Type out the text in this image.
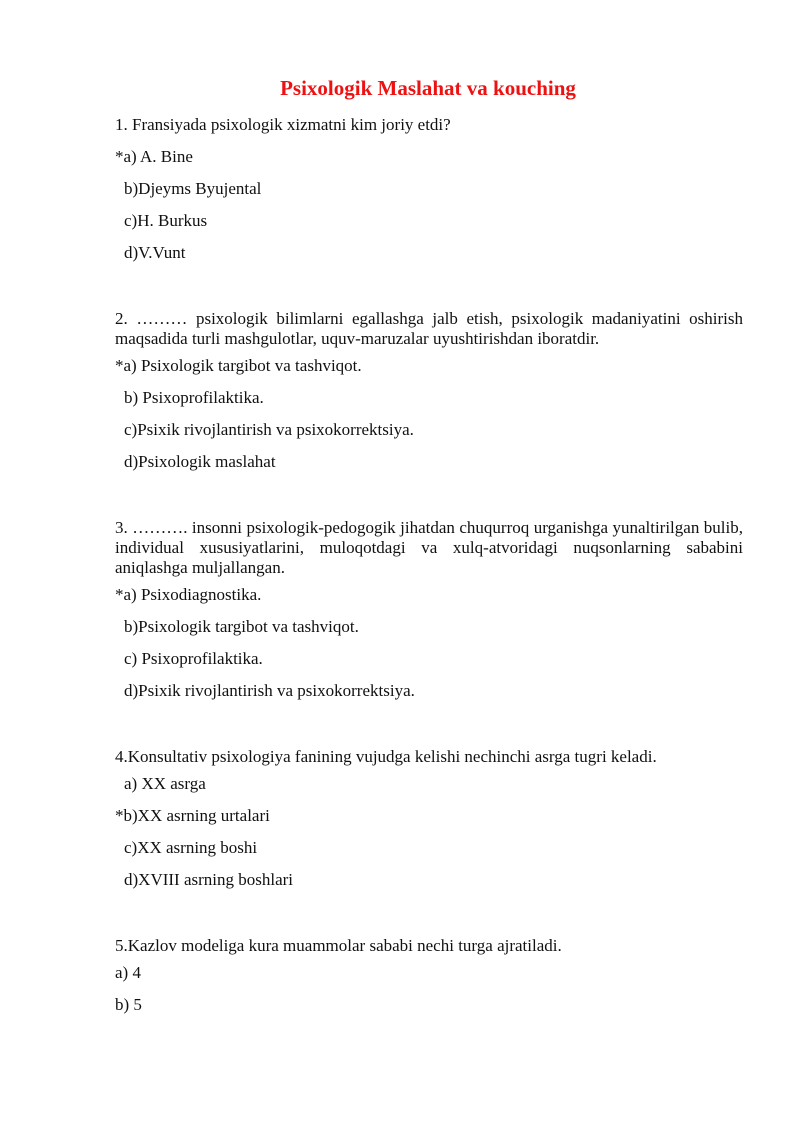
Psixologik Maslahat va kouching

1. Fransiyada psixologik xizmatni kim joriy etdi?

*a) A. Bine

b)Djeyms Byujental

c)H. Burkus

d)V.Vunt

2. ……… psixologik bilimlarni egallashga jalb etish, psixologik madaniyatini oshirish maqsadida turli mashgulotlar, uquv-maruzalar uyushtirishdan iboratdir.

*a) Psixologik targibot va tashviqot.

b) Psixoprofilaktika.

c)Psixik rivojlantirish va psixokorrektsiya.

d)Psixologik maslahat

3. ………. insonni psixologik-pedogogik jihatdan chuqurroq urganishga yunaltirilgan bulib, individual xususiyatlarini, muloqotdagi va xulq-atvoridagi nuqsonlarning sababini aniqlashga muljallangan.

*a) Psixodiagnostika.

b)Psixologik targibot va tashviqot.

c) Psixoprofilaktika.

d)Psixik rivojlantirish va psixokorrektsiya.

4.Konsultativ psixologiya fanining vujudga kelishi nechinchi asrga tugri keladi.

a) XX asrga

*b)XX asrning urtalari

c)XX asrning boshi

d)XVIII asrning boshlari

5.Kazlov modeliga kura muammolar sababi nechi turga ajratiladi.

a) 4

b) 5
